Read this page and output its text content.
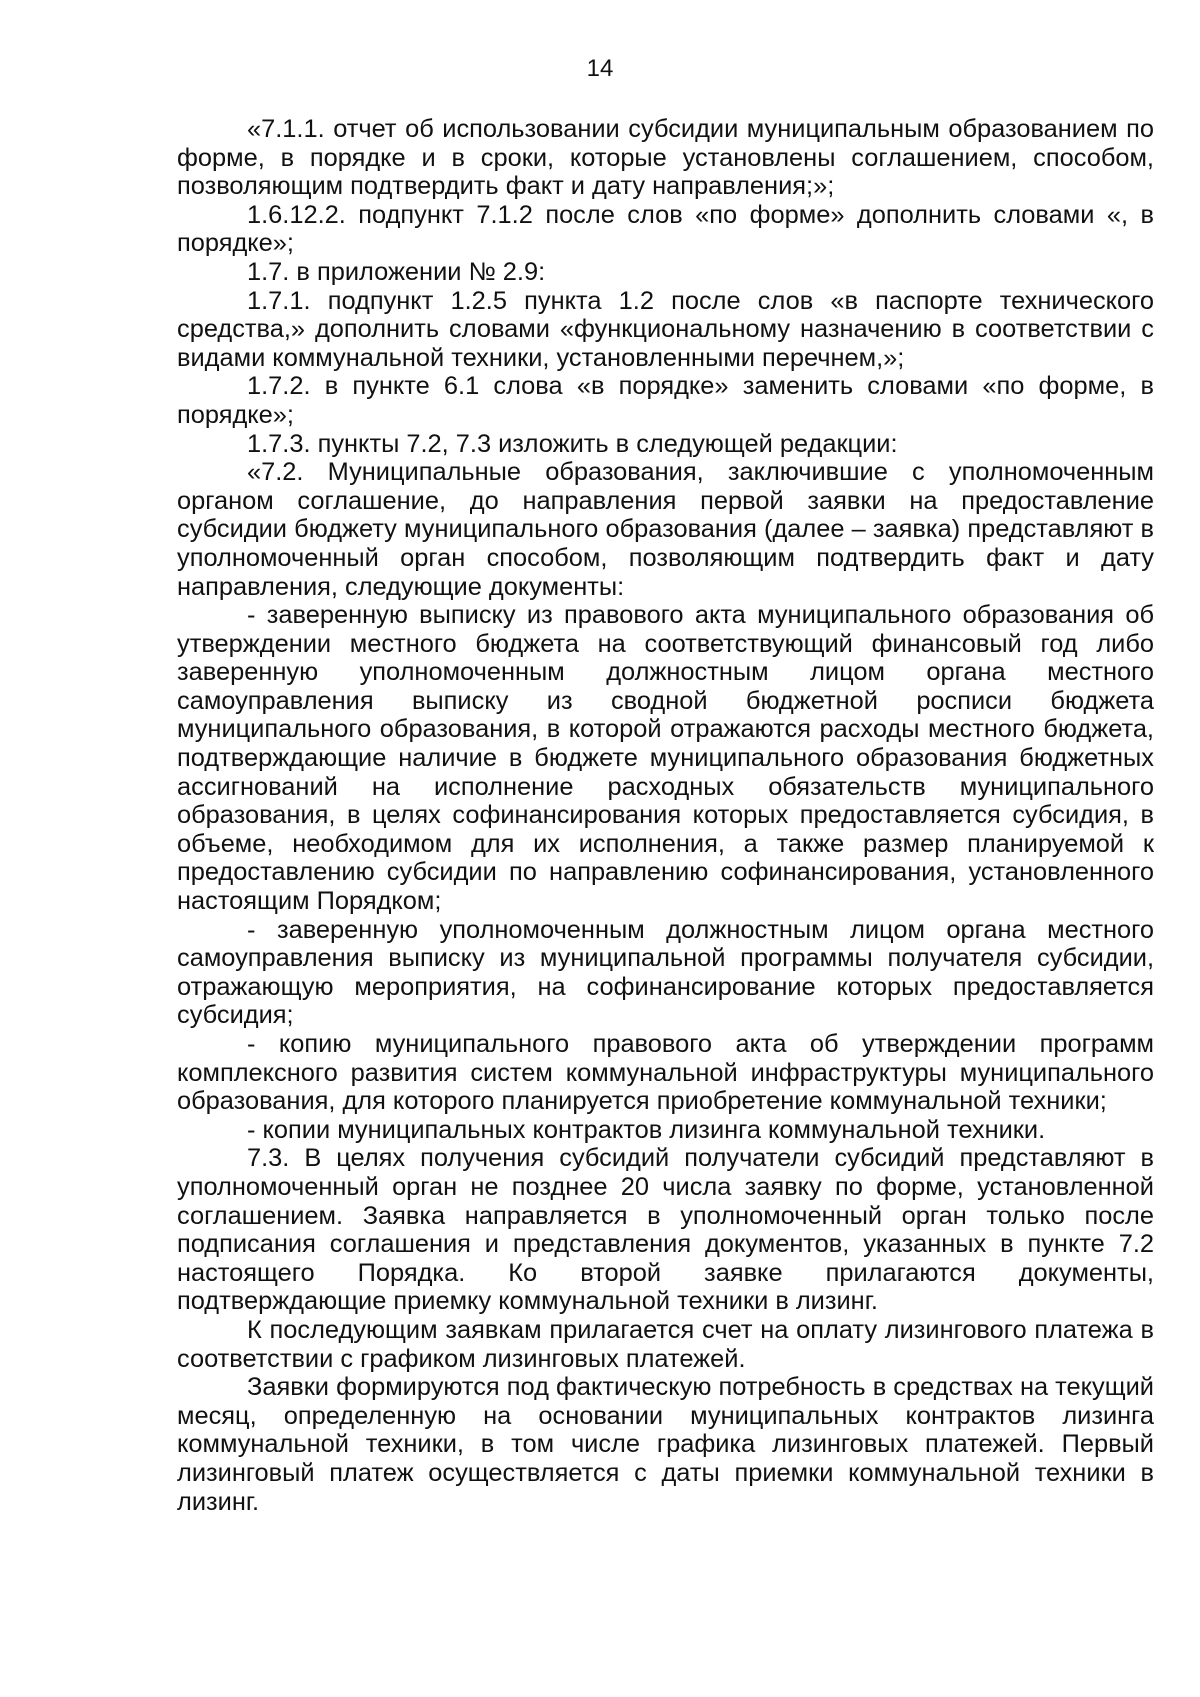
14

«7.1.1. отчет об использовании субсидии муниципальным образованием по форме, в порядке и в сроки, которые установлены соглашением, способом, позволяющим подтвердить факт и дату направления;»;

1.6.12.2. подпункт 7.1.2 после слов «по форме» дополнить словами «, в порядке»;

1.7. в приложении № 2.9:

1.7.1. подпункт 1.2.5 пункта 1.2 после слов «в паспорте технического средства,» дополнить словами «функциональному назначению в соответствии с видами коммунальной техники, установленными перечнем,»;

1.7.2. в пункте 6.1 слова «в порядке» заменить словами «по форме, в порядке»;

1.7.3. пункты 7.2, 7.3 изложить в следующей редакции:

«7.2. Муниципальные образования, заключившие с уполномоченным органом соглашение, до направления первой заявки на предоставление субсидии бюджету муниципального образования (далее – заявка) представляют в уполномоченный орган способом, позволяющим подтвердить факт и дату направления, следующие документы:

- заверенную выписку из правового акта муниципального образования об утверждении местного бюджета на соответствующий финансовый год либо заверенную уполномоченным должностным лицом органа местного самоуправления выписку из сводной бюджетной росписи бюджета муниципального образования, в которой отражаются расходы местного бюджета, подтверждающие наличие в бюджете муниципального образования бюджетных ассигнований на исполнение расходных обязательств муниципального образования, в целях софинансирования которых предоставляется субсидия, в объеме, необходимом для их исполнения, а также размер планируемой к предоставлению субсидии по направлению софинансирования, установленного настоящим Порядком;

- заверенную уполномоченным должностным лицом органа местного самоуправления выписку из муниципальной программы получателя субсидии, отражающую мероприятия, на софинансирование которых предоставляется субсидия;

- копию муниципального правового акта об утверждении программ комплексного развития систем коммунальной инфраструктуры муниципального образования, для которого планируется приобретение коммунальной техники;

- копии муниципальных контрактов лизинга коммунальной техники.

7.3. В целях получения субсидий получатели субсидий представляют в уполномоченный орган не позднее 20 числа заявку по форме, установленной соглашением. Заявка направляется в уполномоченный орган только после подписания соглашения и представления документов, указанных в пункте 7.2 настоящего Порядка. Ко второй заявке прилагаются документы, подтверждающие приемку коммунальной техники в лизинг.

К последующим заявкам прилагается счет на оплату лизингового платежа в соответствии с графиком лизинговых платежей.

Заявки формируются под фактическую потребность в средствах на текущий месяц, определенную на основании муниципальных контрактов лизинга коммунальной техники, в том числе графика лизинговых платежей. Первый лизинговый платеж осуществляется с даты приемки коммунальной техники в лизинг.
